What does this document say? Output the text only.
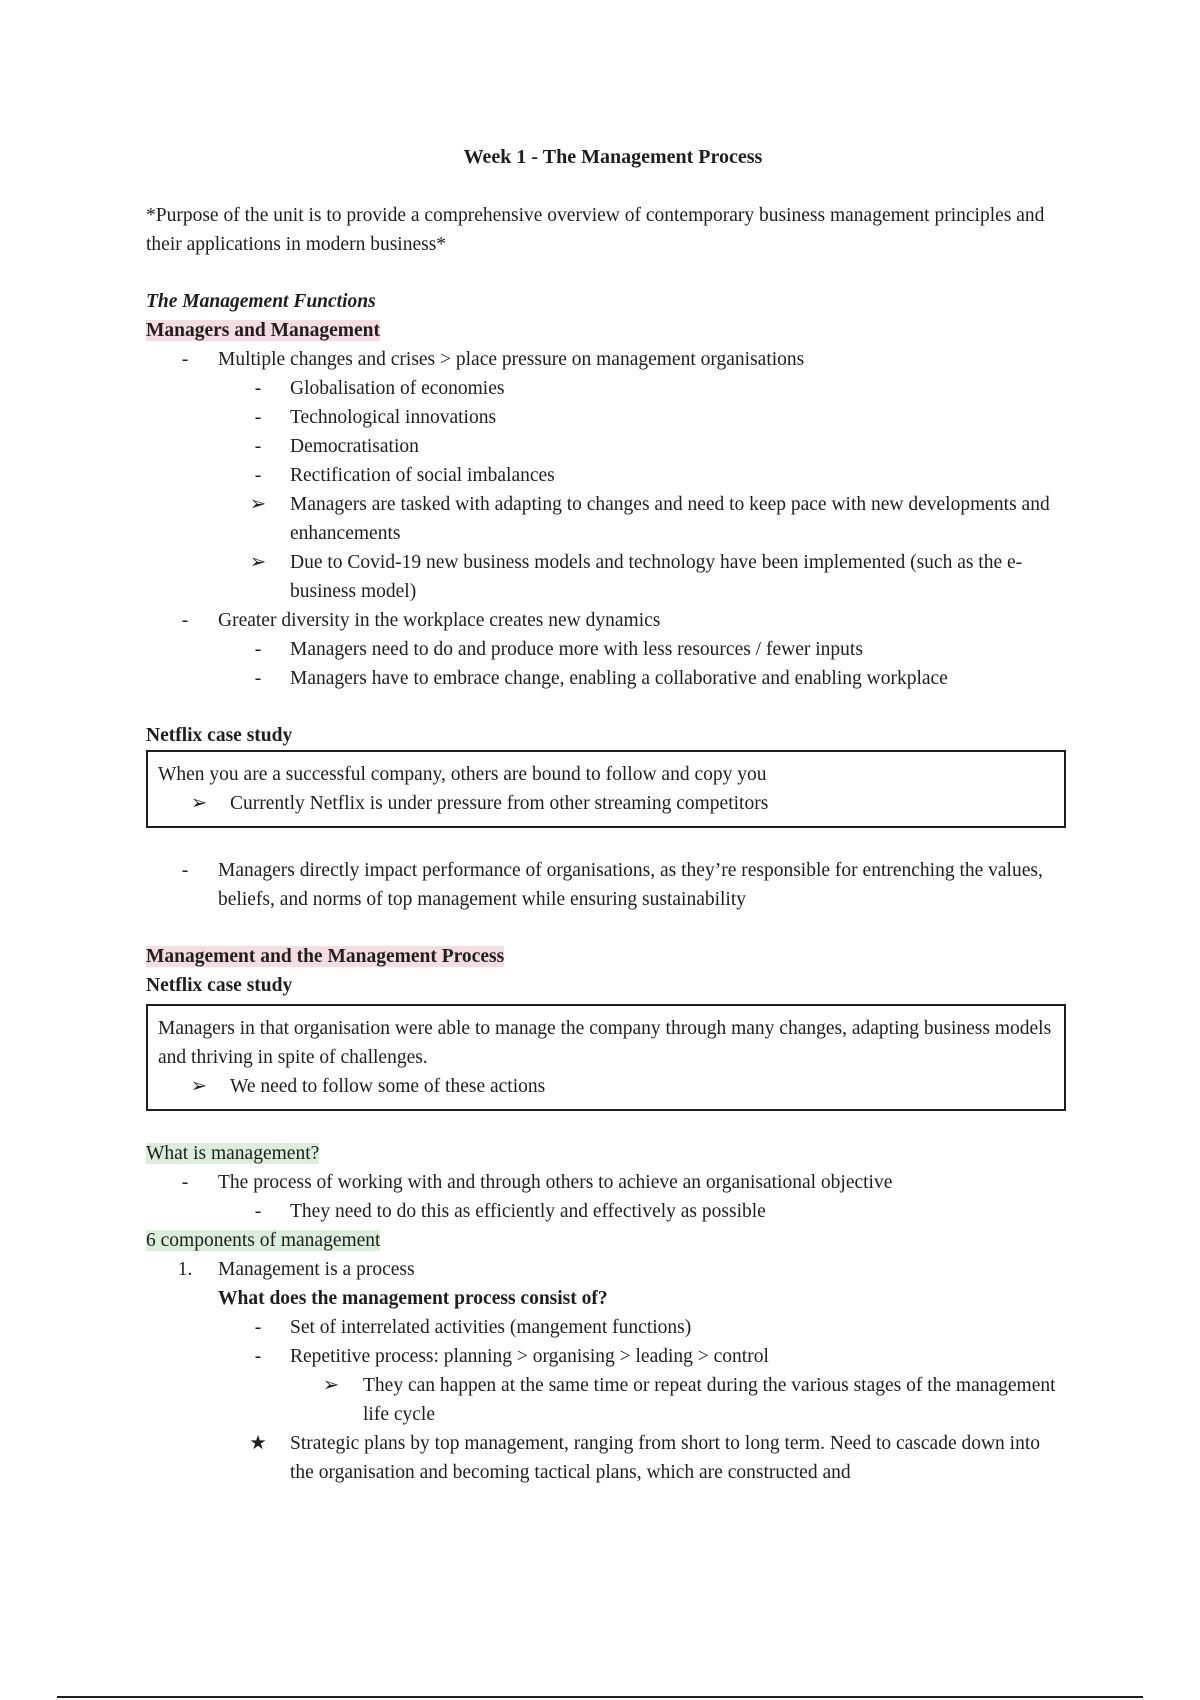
Week 1 - The Management Process

*Purpose of the unit is to provide a comprehensive overview of contemporary business management principles and their applications in modern business*

The Management Functions

Managers and Management

-	Multiple changes and crises > place pressure on management organisations
-	Globalisation of economies
-	Technological innovations
-	Democratisation
-	Rectification of social imbalances
➢	Managers are tasked with adapting to changes and need to keep pace with new developments and enhancements
➢	Due to Covid-19 new business models and technology have been implemented (such as the e-business model)
-	Greater diversity in the workplace creates new dynamics
-	Managers need to do and produce more with less resources / fewer inputs
-	Managers have to embrace change, enabling a collaborative and enabling workplace

Netflix case study

When you are a successful company, others are bound to follow and copy you

➢	Currently Netflix is under pressure from other streaming competitors
-	Managers directly impact performance of organisations, as they’re responsible for entrenching the values, beliefs, and norms of top management while ensuring sustainability

Management and the Management Process

Netflix case study

Managers in that organisation were able to manage the company through many changes, adapting business models and thriving in spite of challenges.

➢	We need to follow some of these actions

What is management?

-	The process of working with and through others to achieve an organisational objective
-	They need to do this as efficiently and effectively as possible

6 components of management

1.	Management is a process

What does the management process consist of?

-	Set of interrelated activities (mangement functions)
-	Repetitive process: planning > organising > leading > control
➢	They can happen at the same time or repeat during the various stages of the management life cycle
★	Strategic plans by top management, ranging from short to long term. Need to cascade down into the organisation and becoming tactical plans, which are constructed and
